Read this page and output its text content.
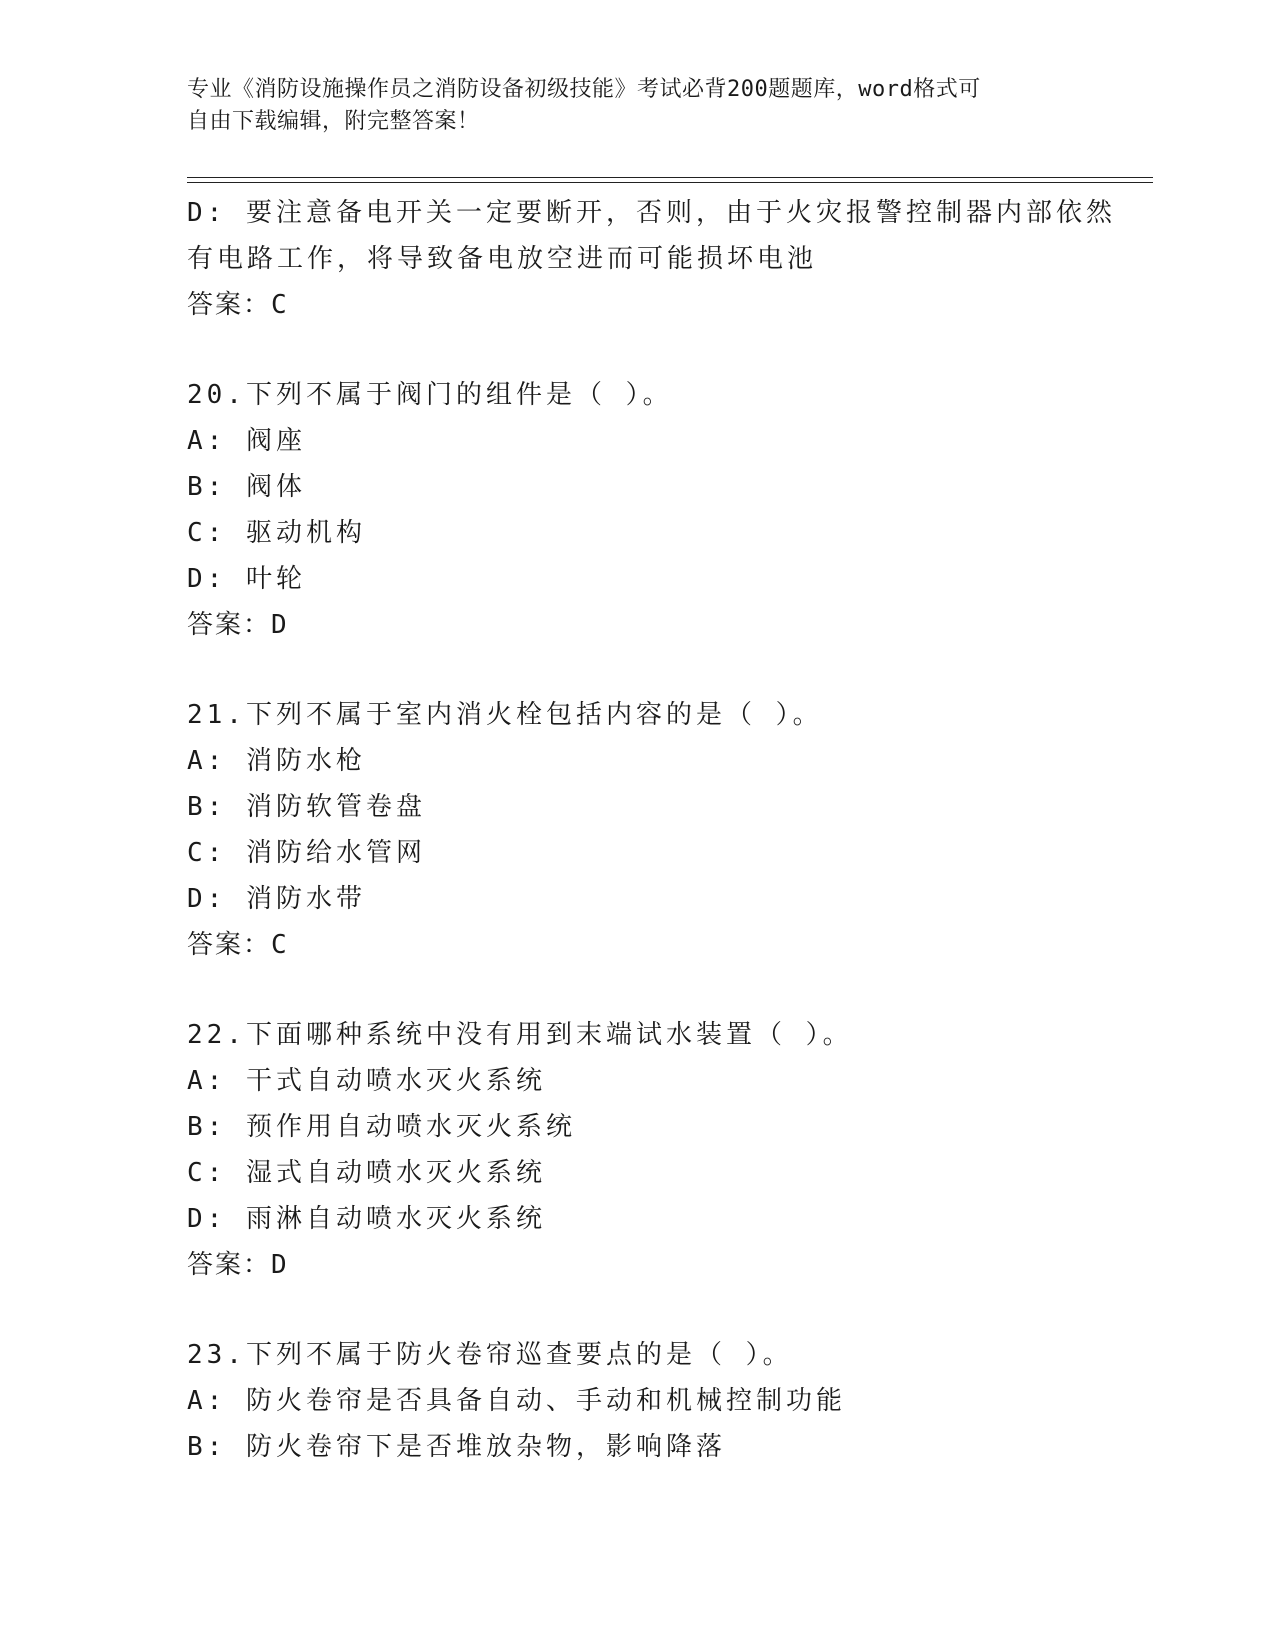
专业《消防设施操作员之消防设备初级技能》考试必背200题题库，word格式可
自由下载编辑，附完整答案！
D: 要注意备电开关一定要断开，否则，由于火灾报警控制器内部依然
有电路工作，将导致备电放空进而可能损坏电池
答案：C
20.下列不属于阀门的组件是（ ）。
A: 阀座
B: 阀体
C: 驱动机构
D: 叶轮
答案：D
21.下列不属于室内消火栓包括内容的是（ ）。
A: 消防水枪
B: 消防软管卷盘
C: 消防给水管网
D: 消防水带
答案：C
22.下面哪种系统中没有用到末端试水装置（ ）。
A: 干式自动喷水灭火系统
B: 预作用自动喷水灭火系统
C: 湿式自动喷水灭火系统
D: 雨淋自动喷水灭火系统
答案：D
23.下列不属于防火卷帘巡查要点的是（ ）。
A: 防火卷帘是否具备自动、手动和机械控制功能
B: 防火卷帘下是否堆放杂物，影响降落
